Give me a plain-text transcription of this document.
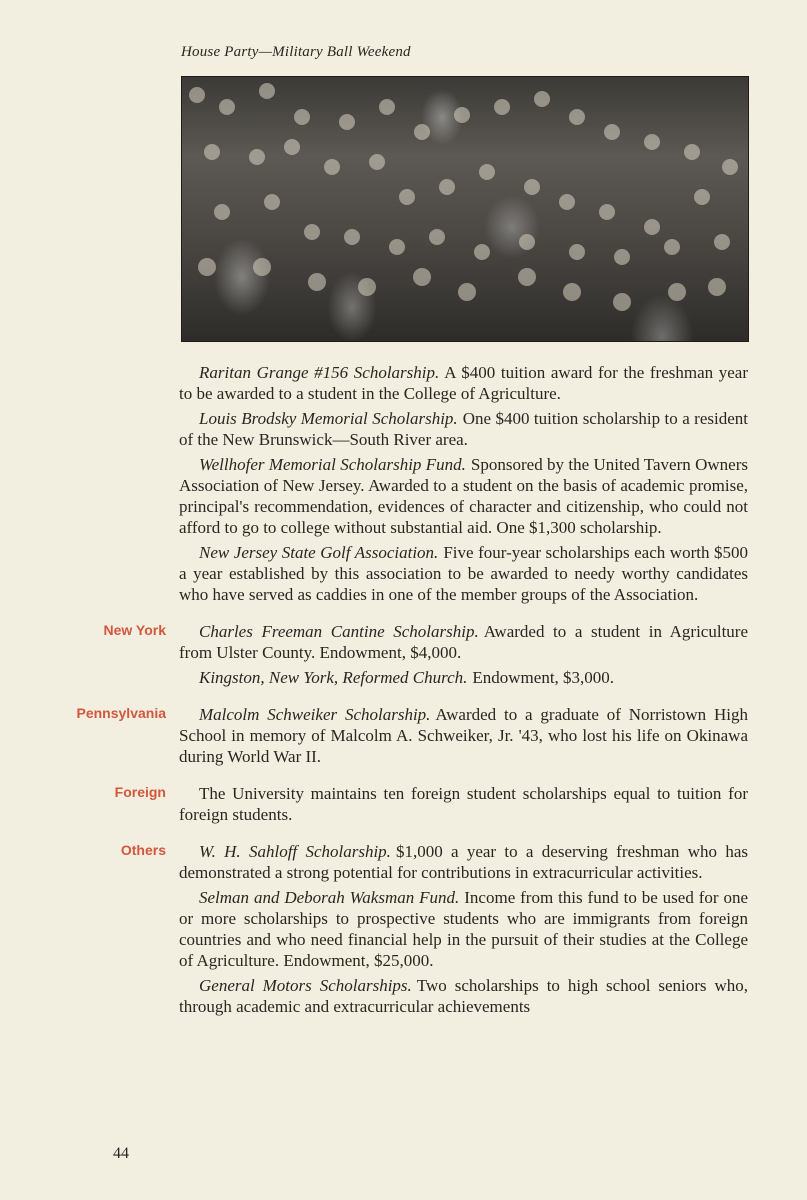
House Party—Military Ball Weekend

Raritan Grange #156 Scholarship. A $400 tuition award for the freshman year to be awarded to a student in the College of Agriculture.

Louis Brodsky Memorial Scholarship. One $400 tuition scholarship to a resident of the New Brunswick—South River area.

Wellhofer Memorial Scholarship Fund. Sponsored by the United Tavern Owners Association of New Jersey. Awarded to a student on the basis of academic promise, principal's recommendation, evidences of character and citizenship, who could not afford to go to college without substantial aid. One $1,300 scholarship.

New Jersey State Golf Association. Five four-year scholarships each worth $500 a year established by this association to be awarded to needy worthy candidates who have served as caddies in one of the member groups of the Association.

New York	Charles Freeman Cantine Scholarship. Awarded to a student in Agriculture from Ulster County. Endowment, $4,000.

Kingston, New York, Reformed Church. Endowment, $3,000.

Pennsylvania	Malcolm Schweiker Scholarship. Awarded to a graduate of Norristown High School in memory of Malcolm A. Schweiker, Jr. '43, who lost his life on Okinawa during World War II.

Foreign	The University maintains ten foreign student scholarships equal to tuition for foreign students.

Others	W. H. Sahloff Scholarship. $1,000 a year to a deserving freshman who has demonstrated a strong potential for contributions in extracurricular activities.

Selman and Deborah Waksman Fund. Income from this fund to be used for one or more scholarships to prospective students who are immigrants from foreign countries and who need financial help in the pursuit of their studies at the College of Agriculture. Endowment, $25,000.

General Motors Scholarships. Two scholarships to high school seniors who, through academic and extracurricular achievements

44
